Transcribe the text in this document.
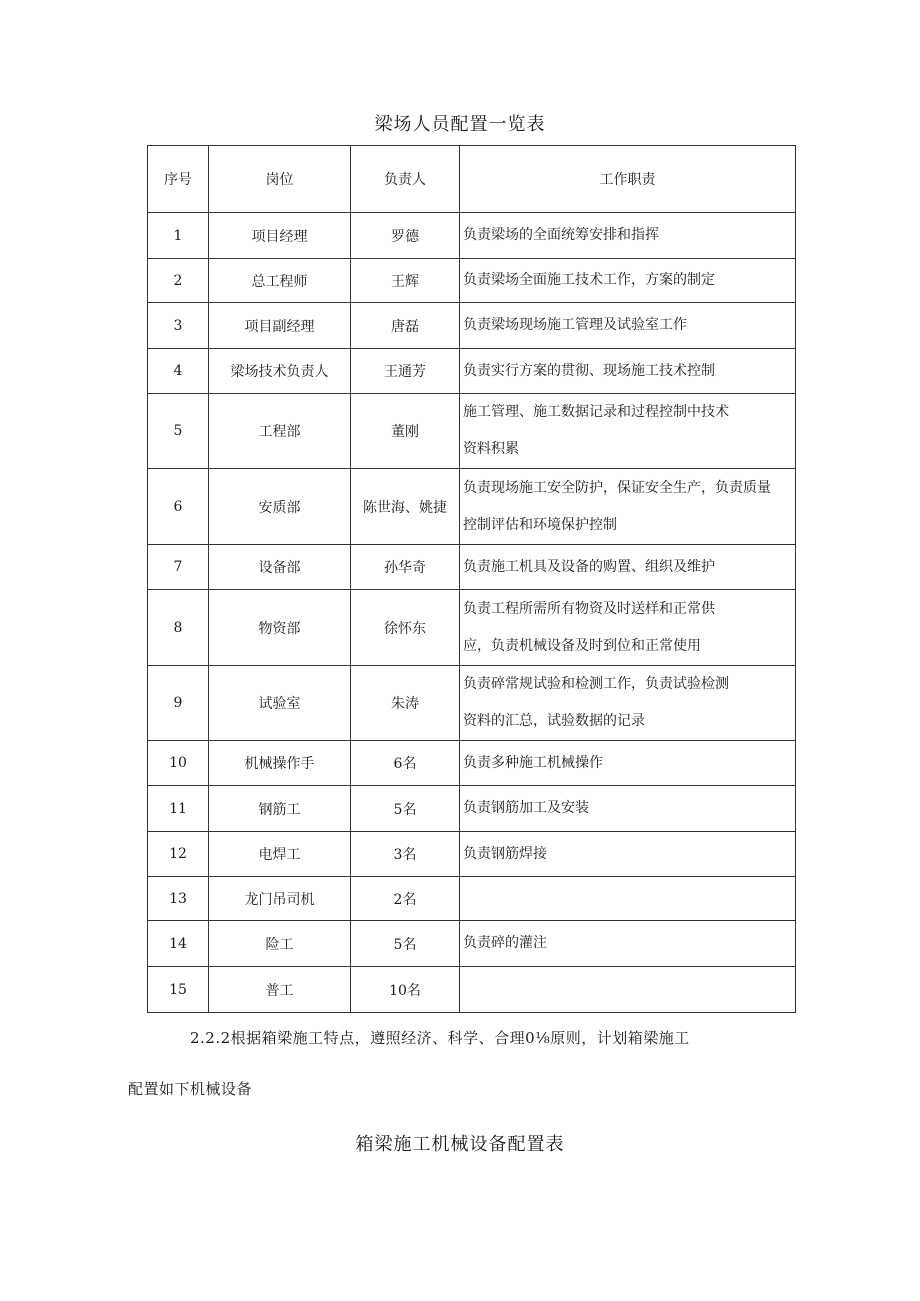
梁场人员配置一览表
序号	岗位	负责人	工作职责
1	项目经理	罗德	负责梁场的全面统筹安排和指挥

2	总工程师	王辉	负责梁场全面施工技术工作，方案的制定

3	项目副经理	唐磊	负责梁场现场施工管理及试验室工作

4	梁场技术负责人	王通芳	负责实行方案的贯彻、现场施工技术控制

5	工程部	董刚	施工管理、施工数据记录和过程控制中技术
资料积累

6	安质部	陈世海、姚捷	负责现场施工安全防护，保证安全生产，负责质量
控制评估和环境保护控制

7	设备部	孙华奇	负责施工机具及设备的购置、组织及维护

8	物资部	徐怀东	负责工程所需所有物资及时送样和正常供
应，负责机械设备及时到位和正常使用

9	试验室	朱涛	负责碎常规试验和检测工作，负责试验检测
资料的汇总，试验数据的记录

10	机械操作手	6名	负责多种施工机械操作

11	钢筋工	5名	负责钢筋加工及安装

12	电焊工	3名	负责钢筋焊接

13	龙门吊司机	2名	

14	险工	5名	负责碎的灌注

15	普工	10名	
2.2.2根据箱梁施工特点，遵照经济、科学、合理0⅛原则，计划箱梁施工
配置如下机械设备
箱梁施工机械设备配置表
